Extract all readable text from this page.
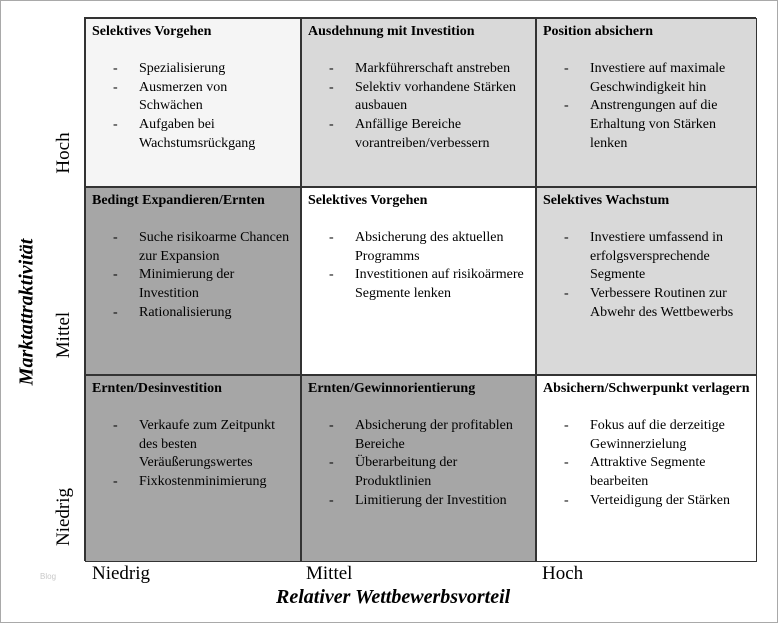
Marktattraktivität
Hoch
Mittel
Niedrig
Selektives Vorgehen
- Spezialisierung
- Ausmerzen von Schwächen
- Aufgaben bei Wachstumsrückgang
Ausdehnung mit Investition
- Markführerschaft anstreben
- Selektiv vorhandene Stärken ausbauen
- Anfällige Bereiche vorantreiben/verbessern
Position absichern
- Investiere auf maximale Geschwindigkeit hin
- Anstrengungen auf die Erhaltung von Stärken lenken
Bedingt Expandieren/Ernten
- Suche risikoarme Chancen zur Expansion
- Minimierung der Investition
- Rationalisierung
Selektives Vorgehen
- Absicherung des aktuellen Programms
- Investitionen auf risikoärmere Segmente lenken
Selektives Wachstum
- Investiere umfassend in erfolgsversprechende Segmente
- Verbessere Routinen zur Abwehr des Wettbewerbs
Ernten/Desinvestition
- Verkaufe zum Zeitpunkt des besten Veräußerungswertes
- Fixkostenminimierung
Ernten/Gewinnorientierung
- Absicherung der profitablen Bereiche
- Überarbeitung der Produktlinien
- Limitierung der Investition
Absichern/Schwerpunkt verlagern
- Fokus auf die derzeitige Gewinnerzielung
- Attraktive Segmente bearbeiten
- Verteidigung der Stärken
Blog Niedrig	Mittel	Hoch
Relativer Wettbewerbsvorteil
